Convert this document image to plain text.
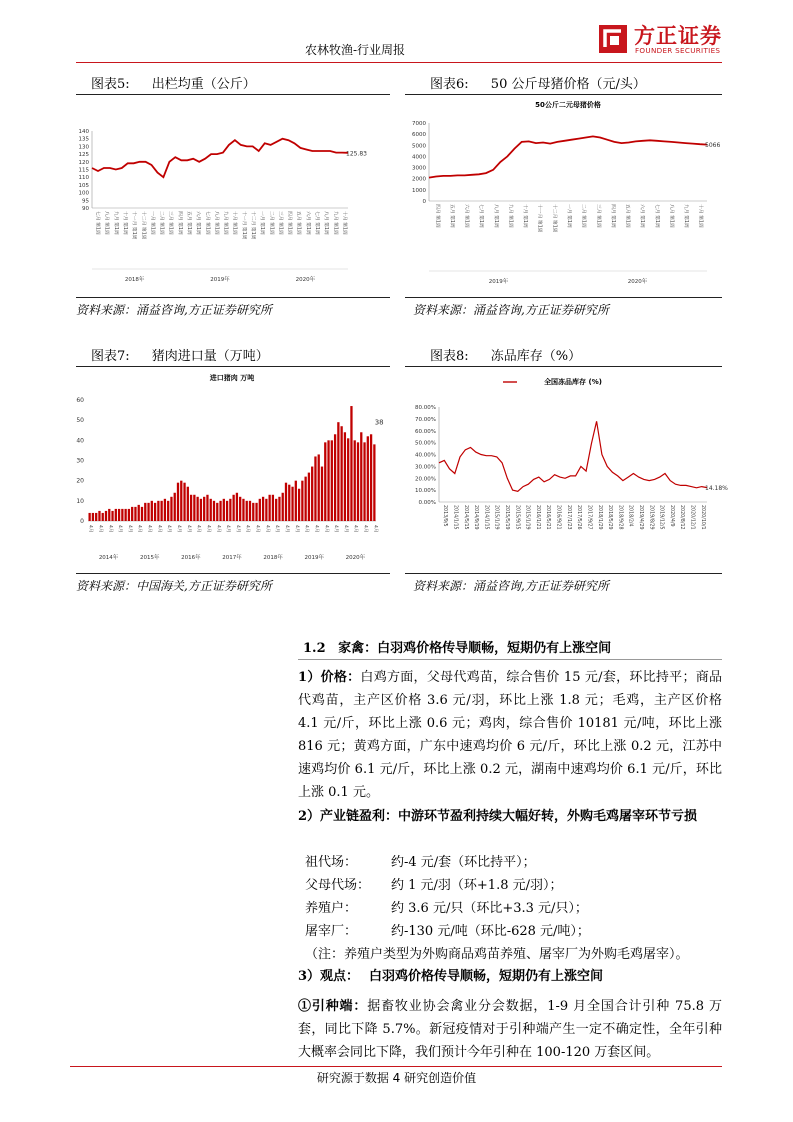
农林牧渔-行业周报
方正证券
FOUNDER SECURITIES
图表5: 出栏均重（公斤）
90
95
100
105
110
115
120
125
130
135
140
125.83
七月 第1周 八月 第1周 九月 第1周 十月 第1周 十一月 第1周 十二月 第1周 一月 第1周 二月 第1周 三月 第1周 四月 第1周 五月 第1周 六月 第1周 七月 第1周 八月 第1周 九月 第1周 十月 第1周 十一月 第1周 十二月 第1周 一月 第1周 二月 第1周 三月 第1周 四月 第1周 五月 第1周 六月 第1周 七月 第1周 八月 第1周 九月 第1周 十月 第1周
2018年	2019年	2020年
资料来源：涌益咨询,方正证券研究所
图表6: 50 公斤母猪价格（元/头）
50公斤二元母猪价格
0
1000
2000
3000
4000
5000
6000
7000
5066
四月 第1周	五月 第1周	六月 第1周	七月 第1周	八月 第1周	九月 第1周	十月 第1周	十一月 第1周	十二月 第1周	一月 第1周	二月 第1周	三月 第1周	四月 第1周	五月 第1周	六月 第1周	七月 第1周	八月 第1周	九月 第1周	十月 第1周
2019年	2020年
资料来源：涌益咨询,方正证券研究所
图表7: 猪肉进口量（万吨）
进口猪肉 万吨
0
10
20
30
40
50
60
38
4月	4月	4月	4月	4月	4月	4月	4月	4月	4月	4月	4月	4月	4月	4月	4月	4月	4月	4月	4月	4月	4月	4月	4月	4月	4月	4月	4月	4月	4月
2014年	2015年	2016年	2017年	2018年	2019年	2020年
资料来源：中国海关,方正证券研究所
图表8: 冻品库存（%）
全国冻品库存 (%)
0.00%
10.00%
20.00%
30.00%
40.00%
50.00%
60.00%
70.00%
80.00%
14.18%
2013/9/5 2014/1/15 2014/5/15 2014/9/19 2014/1/15 2015/1/19 2015/5/19 2015/9/15 2015/1/19 2016/1/21 2016/5/21 2016/9/21 2017/1/23 2017/5/26 2017/9/27 2018/1/29 2018/5/29 2018/9/28 2018/2/4 2019/4/29 2019/8/29 2019/12/5 2020/4/9 2020/8/12 2020/12/1 2020/10/1
资料来源：涌益咨询,方正证券研究所
1.2 家禽：白羽鸡价格传导顺畅，短期仍有上涨空间
1）价格：白鸡方面，父母代鸡苗，综合售价 15 元/套，环比持平；商品代鸡苗，主产区价格 3.6 元/羽，环比上涨 1.8 元；毛鸡，主产区价格 4.1 元/斤，环比上涨 0.6 元；鸡肉，综合售价 10181 元/吨，环比上涨 816 元；黄鸡方面，广东中速鸡均价 6 元/斤，环比上涨 0.2 元，江苏中速鸡均价 6.1 元/斤，环比上涨 0.2 元，湖南中速鸡均价 6.1 元/斤，环比上涨 0.1 元。
2）产业链盈利：中游环节盈利持续大幅好转，外购毛鸡屠宰环节亏损
祖代场：	约-4 元/套（环比持平）；
父母代场： 约 1 元/羽（环+1.8 元/羽）；
养殖户：	约 3.6 元/只（环比+3.3 元/只）；
屠宰厂：	约-130 元/吨（环比-628 元/吨）；
（注：养殖户类型为外购商品鸡苗养殖、屠宰厂为外购毛鸡屠宰）。
3）观点： 白羽鸡价格传导顺畅，短期仍有上涨空间
①引种端：据畜牧业协会禽业分会数据，1-9 月全国合计引种 75.8 万套，同比下降 5.7%。新冠疫情对于引种端产生一定不确定性，全年引种大概率会同比下降，我们预计今年引种在 100-120 万套区间。
研究源于数据 4 研究创造价值
